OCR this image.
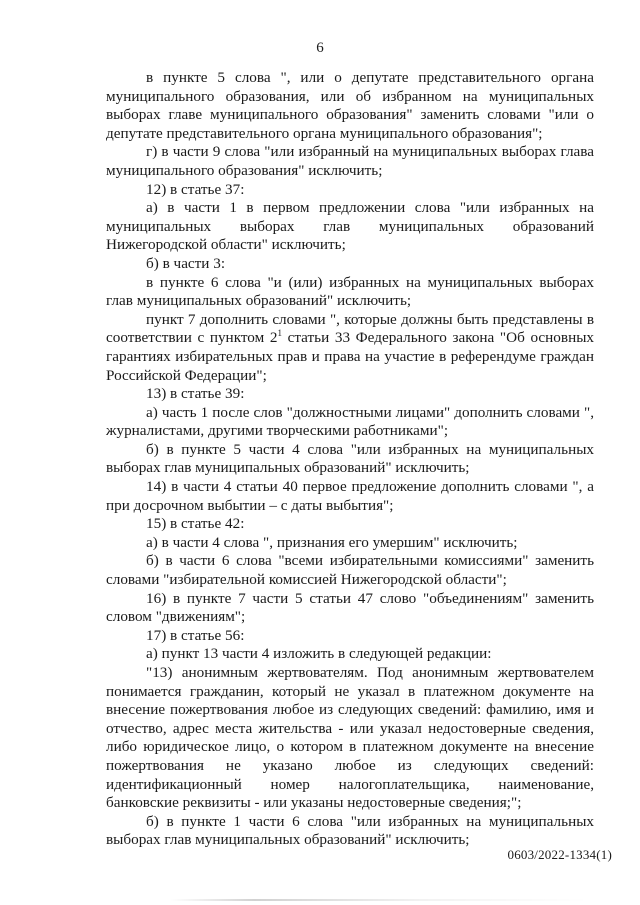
6

в пункте 5 слова ", или о депутате представительного органа муниципального образования, или об избранном на муниципальных выборах главе муниципального образования" заменить словами "или о депутате представительного органа муниципального образования";

г) в части 9 слова "или избранный на муниципальных выборах глава муниципального образования" исключить;

12) в статье 37:

а) в части 1 в первом предложении слова "или избранных на муниципальных выборах глав муниципальных образований Нижегородской области" исключить;

б) в части 3:

в пункте 6 слова "и (или) избранных на муниципальных выборах глав муниципальных образований" исключить;

пункт 7 дополнить словами ", которые должны быть представлены в соответствии с пунктом $2^1$ статьи 33 Федерального закона "Об основных гарантиях избирательных прав и права на участие в референдуме граждан Российской Федерации";

13) в статье 39:

а) часть 1 после слов "должностными лицами" дополнить словами ", журналистами, другими творческими работниками";

б) в пункте 5 части 4 слова "или избранных на муниципальных выборах глав муниципальных образований" исключить;

14) в части 4 статьи 40 первое предложение дополнить словами ", а при досрочном выбытии – с даты выбытия";

15) в статье 42:

а) в части 4 слова ", признания его умершим" исключить;

б) в части 6 слова "всеми избирательными комиссиями" заменить словами "избирательной комиссией Нижегородской области";

16) в пункте 7 части 5 статьи 47 слово "объединениям" заменить словом "движениям";

17) в статье 56:

а) пункт 13 части 4 изложить в следующей редакции:

"13) анонимным жертвователям. Под анонимным жертвователем понимается гражданин, который не указал в платежном документе на внесение пожертвования любое из следующих сведений: фамилию, имя и отчество, адрес места жительства - или указал недостоверные сведения, либо юридическое лицо, о котором в платежном документе на внесение пожертвования не указано любое из следующих сведений: идентификационный номер налогоплательщика, наименование, банковские реквизиты - или указаны недостоверные сведения;";

б) в пункте 1 части 6 слова "или избранных на муниципальных выборах глав муниципальных образований" исключить;

0603/2022-1334(1)
